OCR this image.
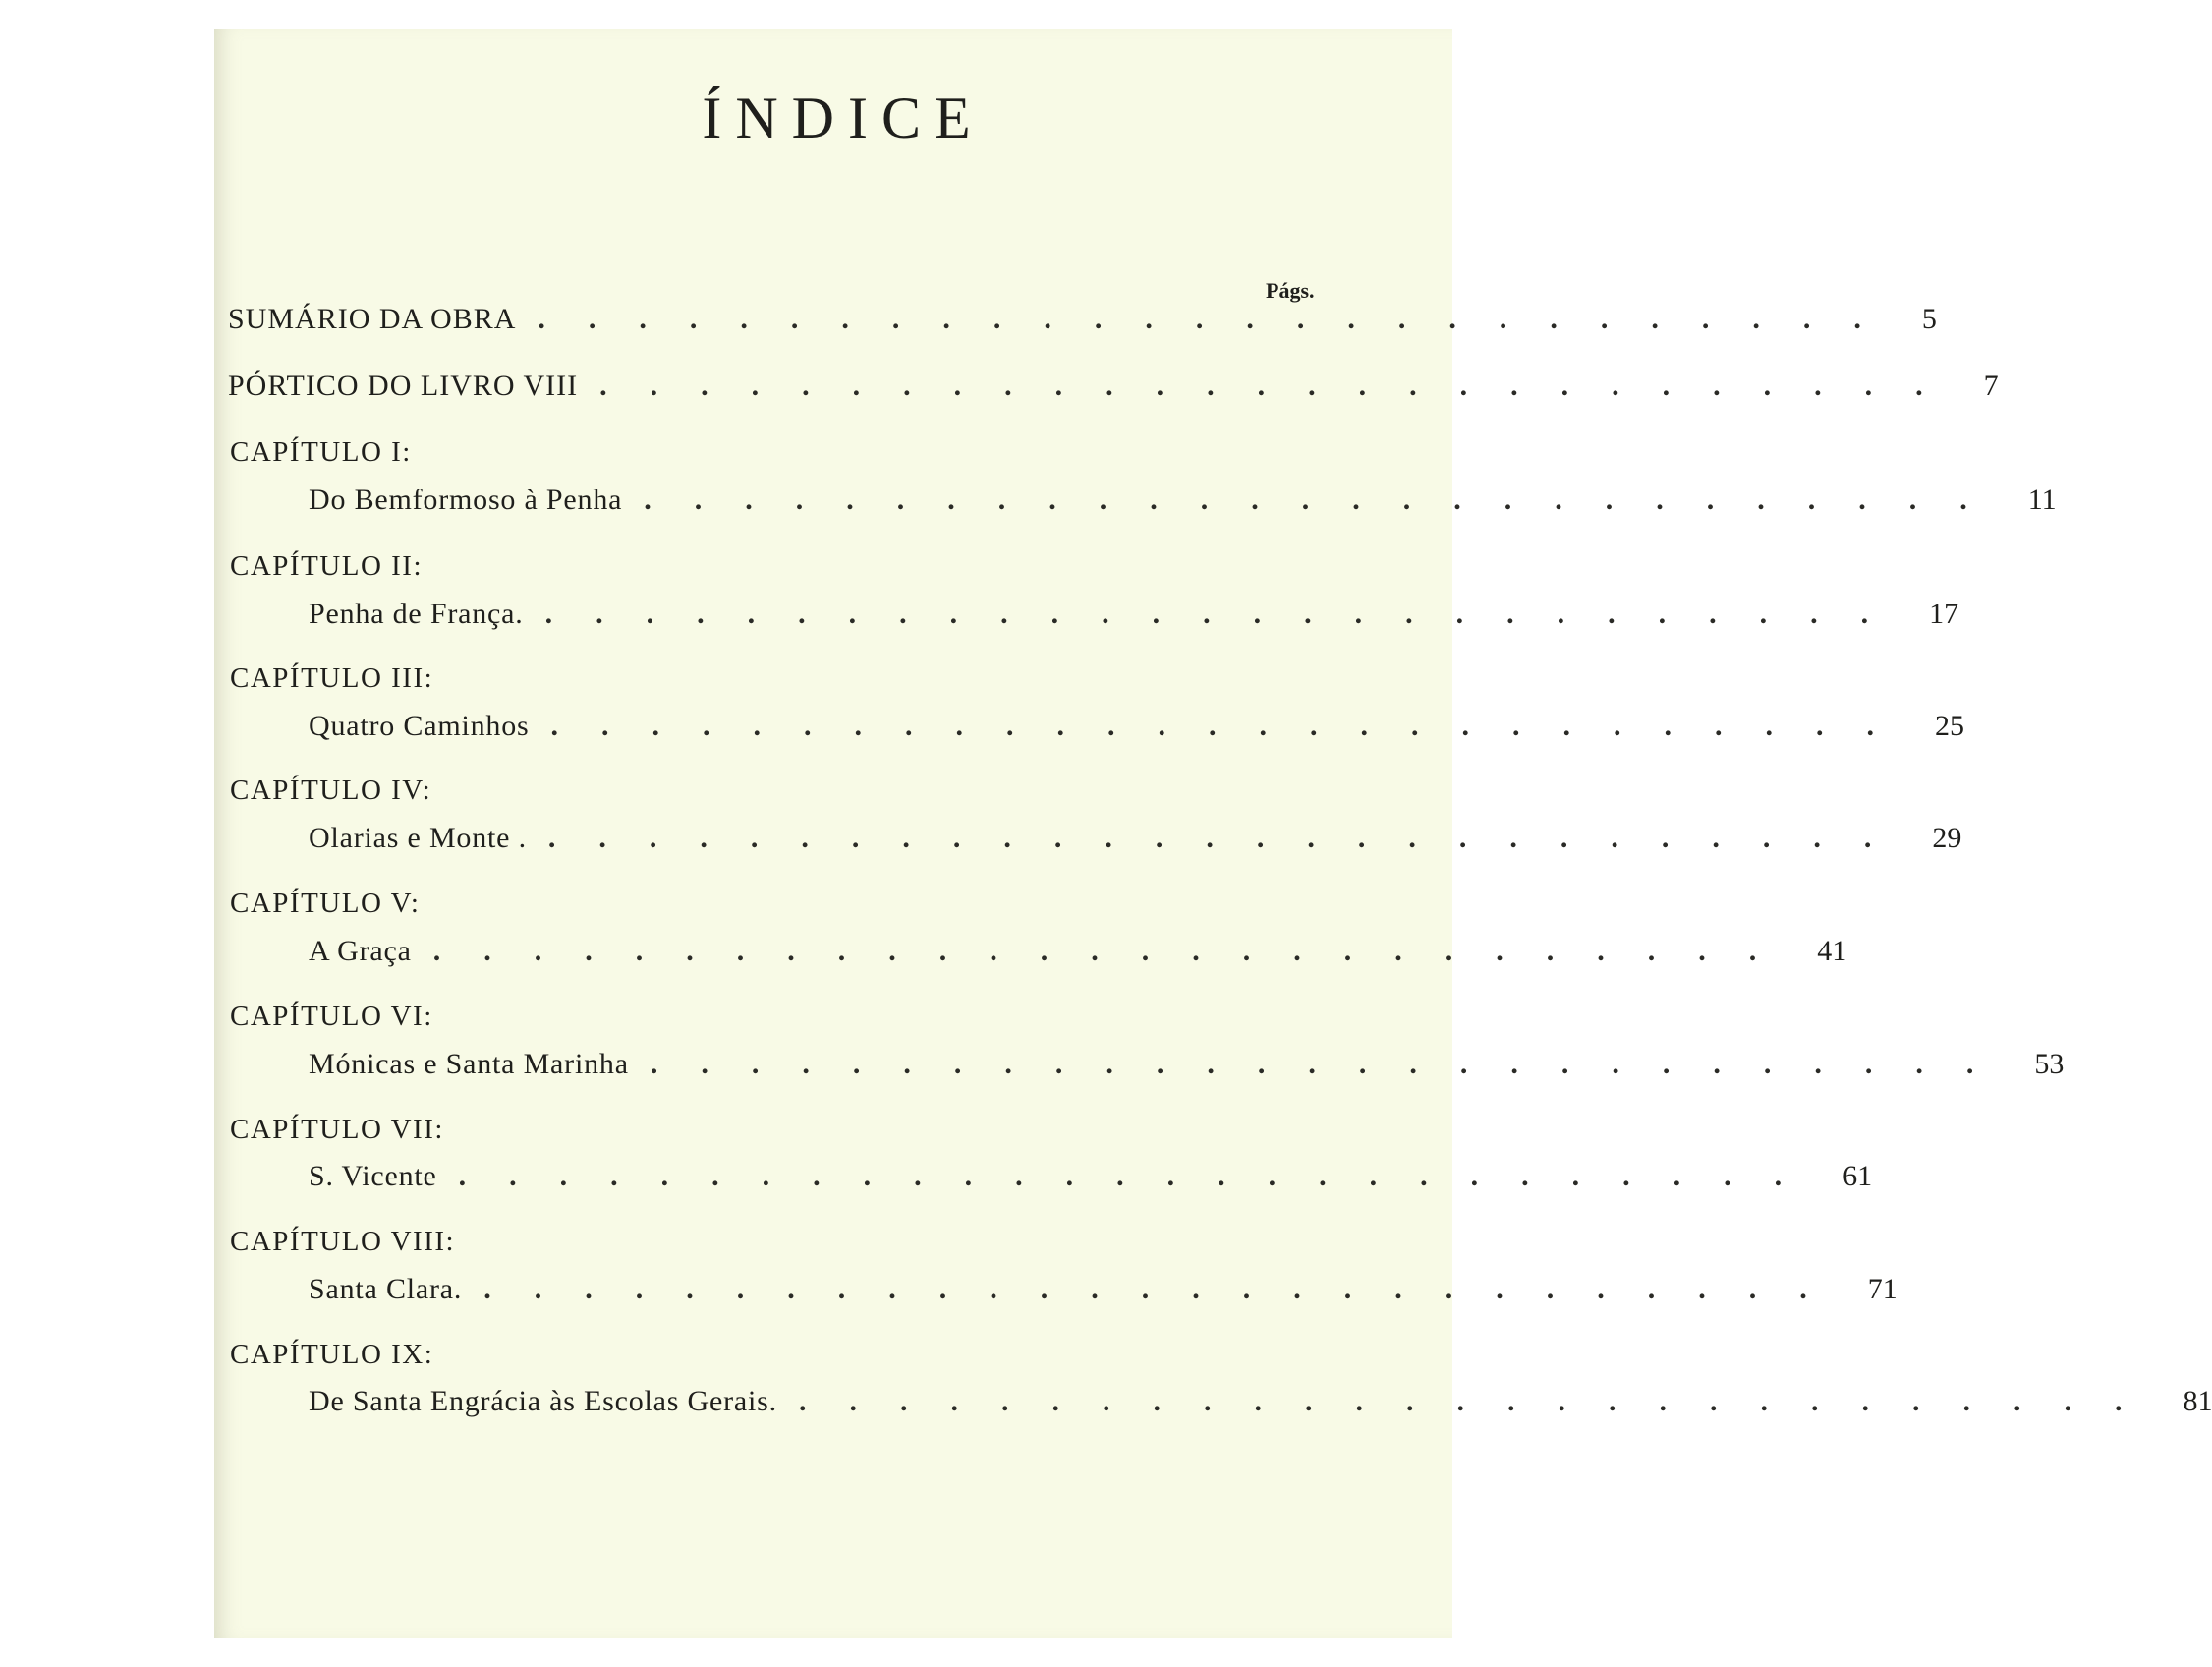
ÍNDICE
Págs.
SUMÁRIO DA OBRA ........................... 5
PÓRTICO DO LIVRO VIII ........................... 7
CAPÍTULO I:
Do Bemformoso à Penha ........................... 11
CAPÍTULO II:
Penha de França. ........................... 17
CAPÍTULO III:
Quatro Caminhos ........................... 25
CAPÍTULO IV:
Olarias e Monte . ........................... 29
CAPÍTULO V:
A Graça ........................... 41
CAPÍTULO VI:
Mónicas e Santa Marinha ........................... 53
CAPÍTULO VII:
S. Vicente ........................... 61
CAPÍTULO VIII:
Santa Clara. ........................... 71
CAPÍTULO IX:
De Santa Engrácia às Escolas Gerais. ........................... 81
